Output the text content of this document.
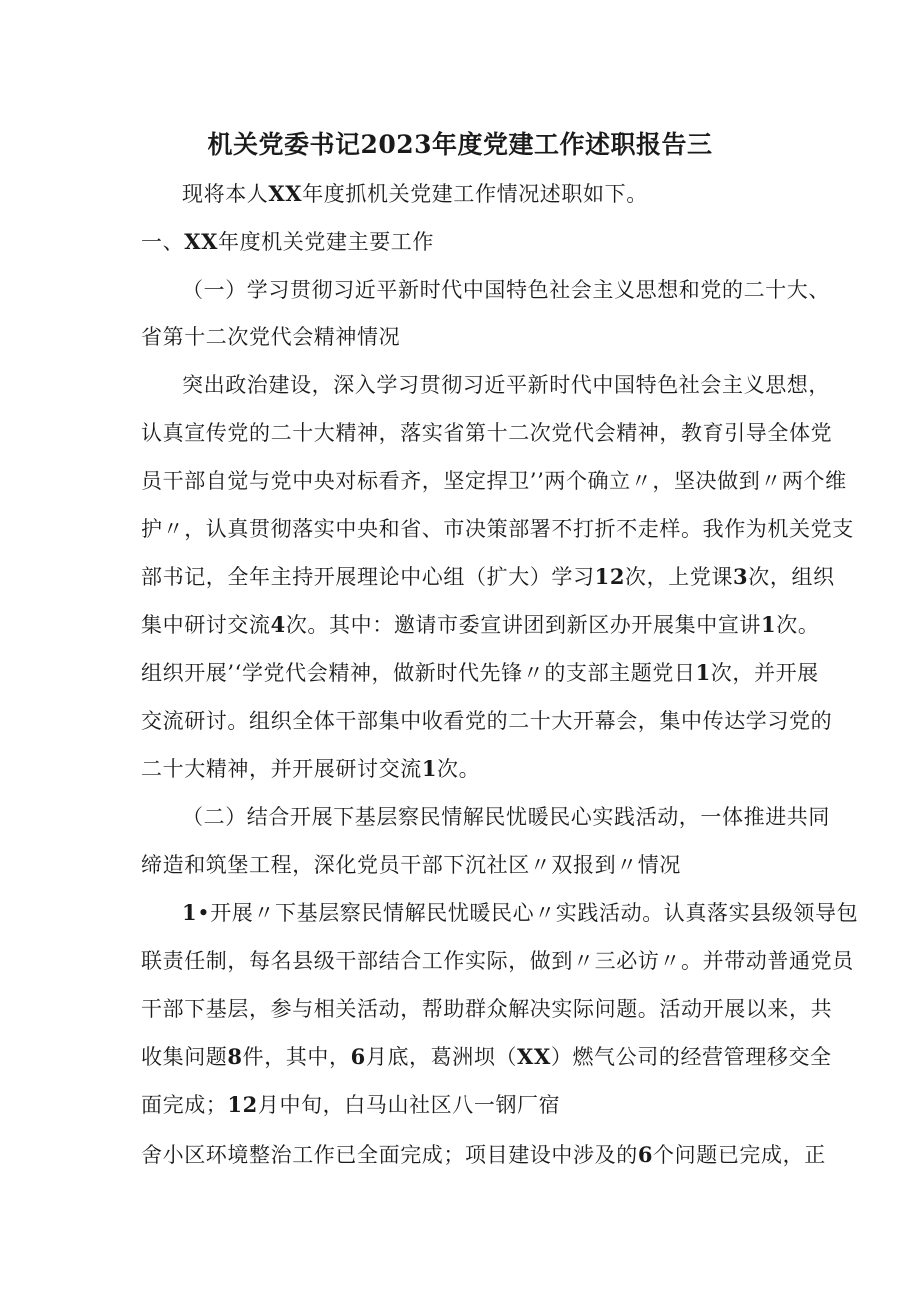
机关党委书记2023年度党建工作述职报告三
现将本人XX年度抓机关党建工作情况述职如下。
一、XX年度机关党建主要工作
（一）学习贯彻习近平新时代中国特色社会主义思想和党的二十大、
省第十二次党代会精神情况
突出政治建设，深入学习贯彻习近平新时代中国特色社会主义思想，
认真宣传党的二十大精神，落实省第十二次党代会精神，教育引导全体党
员干部自觉与党中央对标看齐，坚定捍卫’’两个确立〃，坚决做到〃两个维
护〃，认真贯彻落实中央和省、市决策部署不打折不走样。我作为机关党支
部书记，全年主持开展理论中心组（扩大）学习12次，上党课3次，组织
集中研讨交流4次。其中：邀请市委宣讲团到新区办开展集中宣讲1次。
组织开展’‘学党代会精神，做新时代先锋〃的支部主题党日1次，并开展
交流研讨。组织全体干部集中收看党的二十大开幕会，集中传达学习党的
二十大精神，并开展研讨交流1次。
（二）结合开展下基层察民情解民忧暖民心实践活动，一体推进共同
缔造和筑堡工程，深化党员干部下沉社区〃双报到〃情况
1•开展〃下基层察民情解民忧暖民心〃实践活动。认真落实县级领导包
联责任制，每名县级干部结合工作实际，做到〃三必访〃。并带动普通党员
干部下基层，参与相关活动，帮助群众解决实际问题。活动开展以来，共
收集问题8件，其中，6月底，葛洲坝（XX）燃气公司的经营管理移交全
面完成；12月中旬，白马山社区八一钢厂宿
舍小区环境整治工作已全面完成；项目建设中涉及的6个问题已完成，正
